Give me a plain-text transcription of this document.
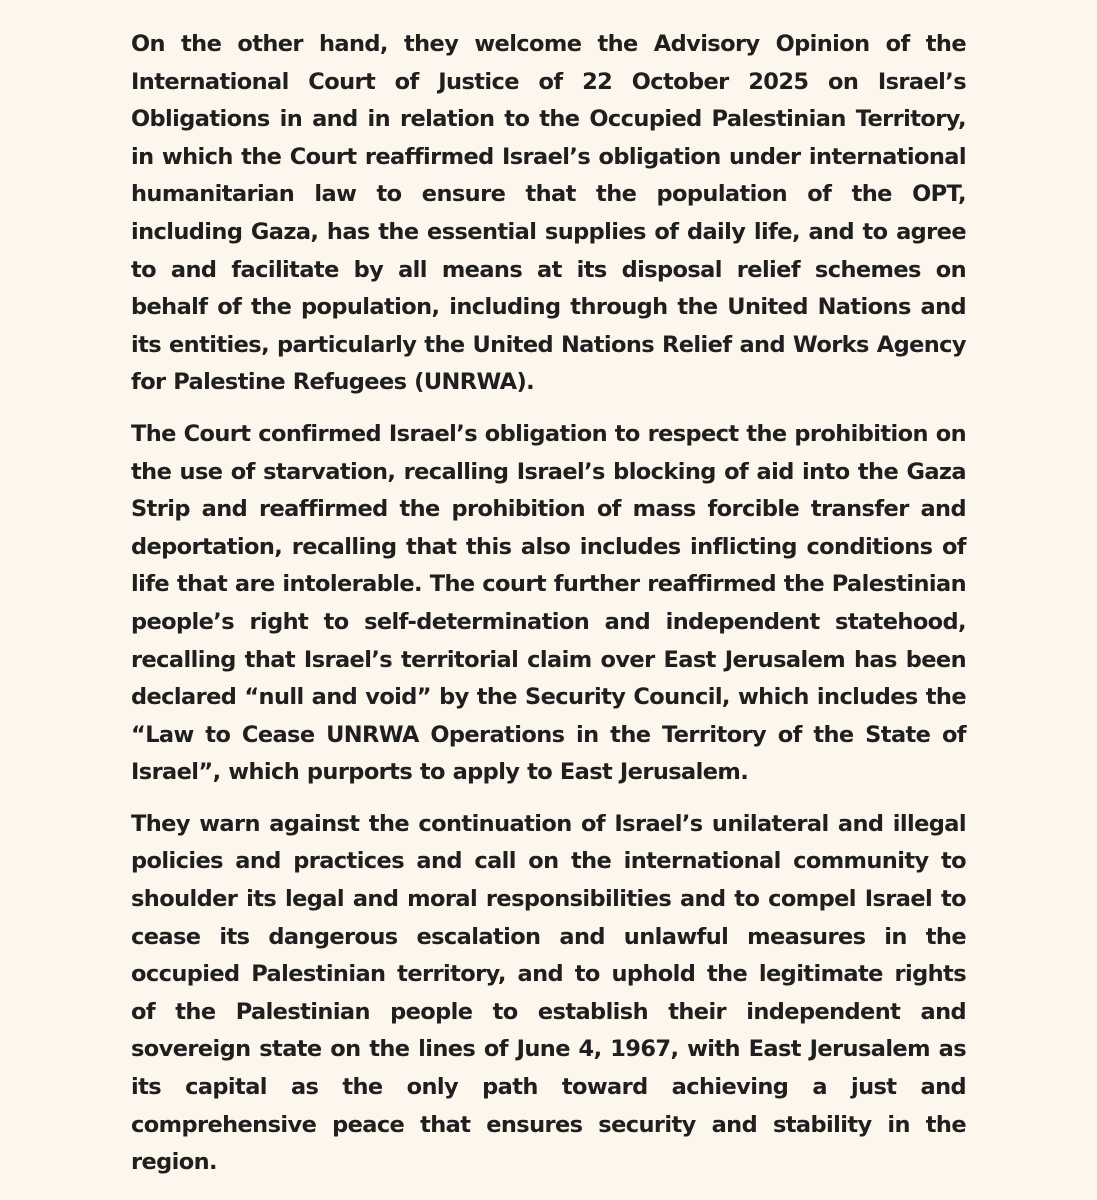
On the other hand, they welcome the Advisory Opinion of the International Court of Justice of 22 October 2025 on Israel’s Obligations in and in relation to the Occupied Palestinian Territory, in which the Court reaffirmed Israel’s obligation under international humanitarian law to ensure that the population of the OPT, including Gaza, has the essential supplies of daily life, and to agree to and facilitate by all means at its disposal relief schemes on behalf of the population, including through the United Nations and its entities, particularly the United Nations Relief and Works Agency for Palestine Refugees (UNRWA).

The Court confirmed Israel’s obligation to respect the prohibition on the use of starvation, recalling Israel’s blocking of aid into the Gaza Strip and reaffirmed the prohibition of mass forcible transfer and deportation, recalling that this also includes inflicting conditions of life that are intolerable. The court further reaffirmed the Palestinian people’s right to self-determination and independent statehood, recalling that Israel’s territorial claim over East Jerusalem has been declared “null and void” by the Security Council, which includes the “Law to Cease UNRWA Operations in the Territory of the State of Israel”, which purports to apply to East Jerusalem.

They warn against the continuation of Israel’s unilateral and illegal policies and practices and call on the international community to shoulder its legal and moral responsibilities and to compel Israel to cease its dangerous escalation and unlawful measures in the occupied Palestinian territory, and to uphold the legitimate rights of the Palestinian people to establish their independent and sovereign state on the lines of June 4, 1967, with East Jerusalem as its capital as the only path toward achieving a just and comprehensive peace that ensures security and stability in the region.
